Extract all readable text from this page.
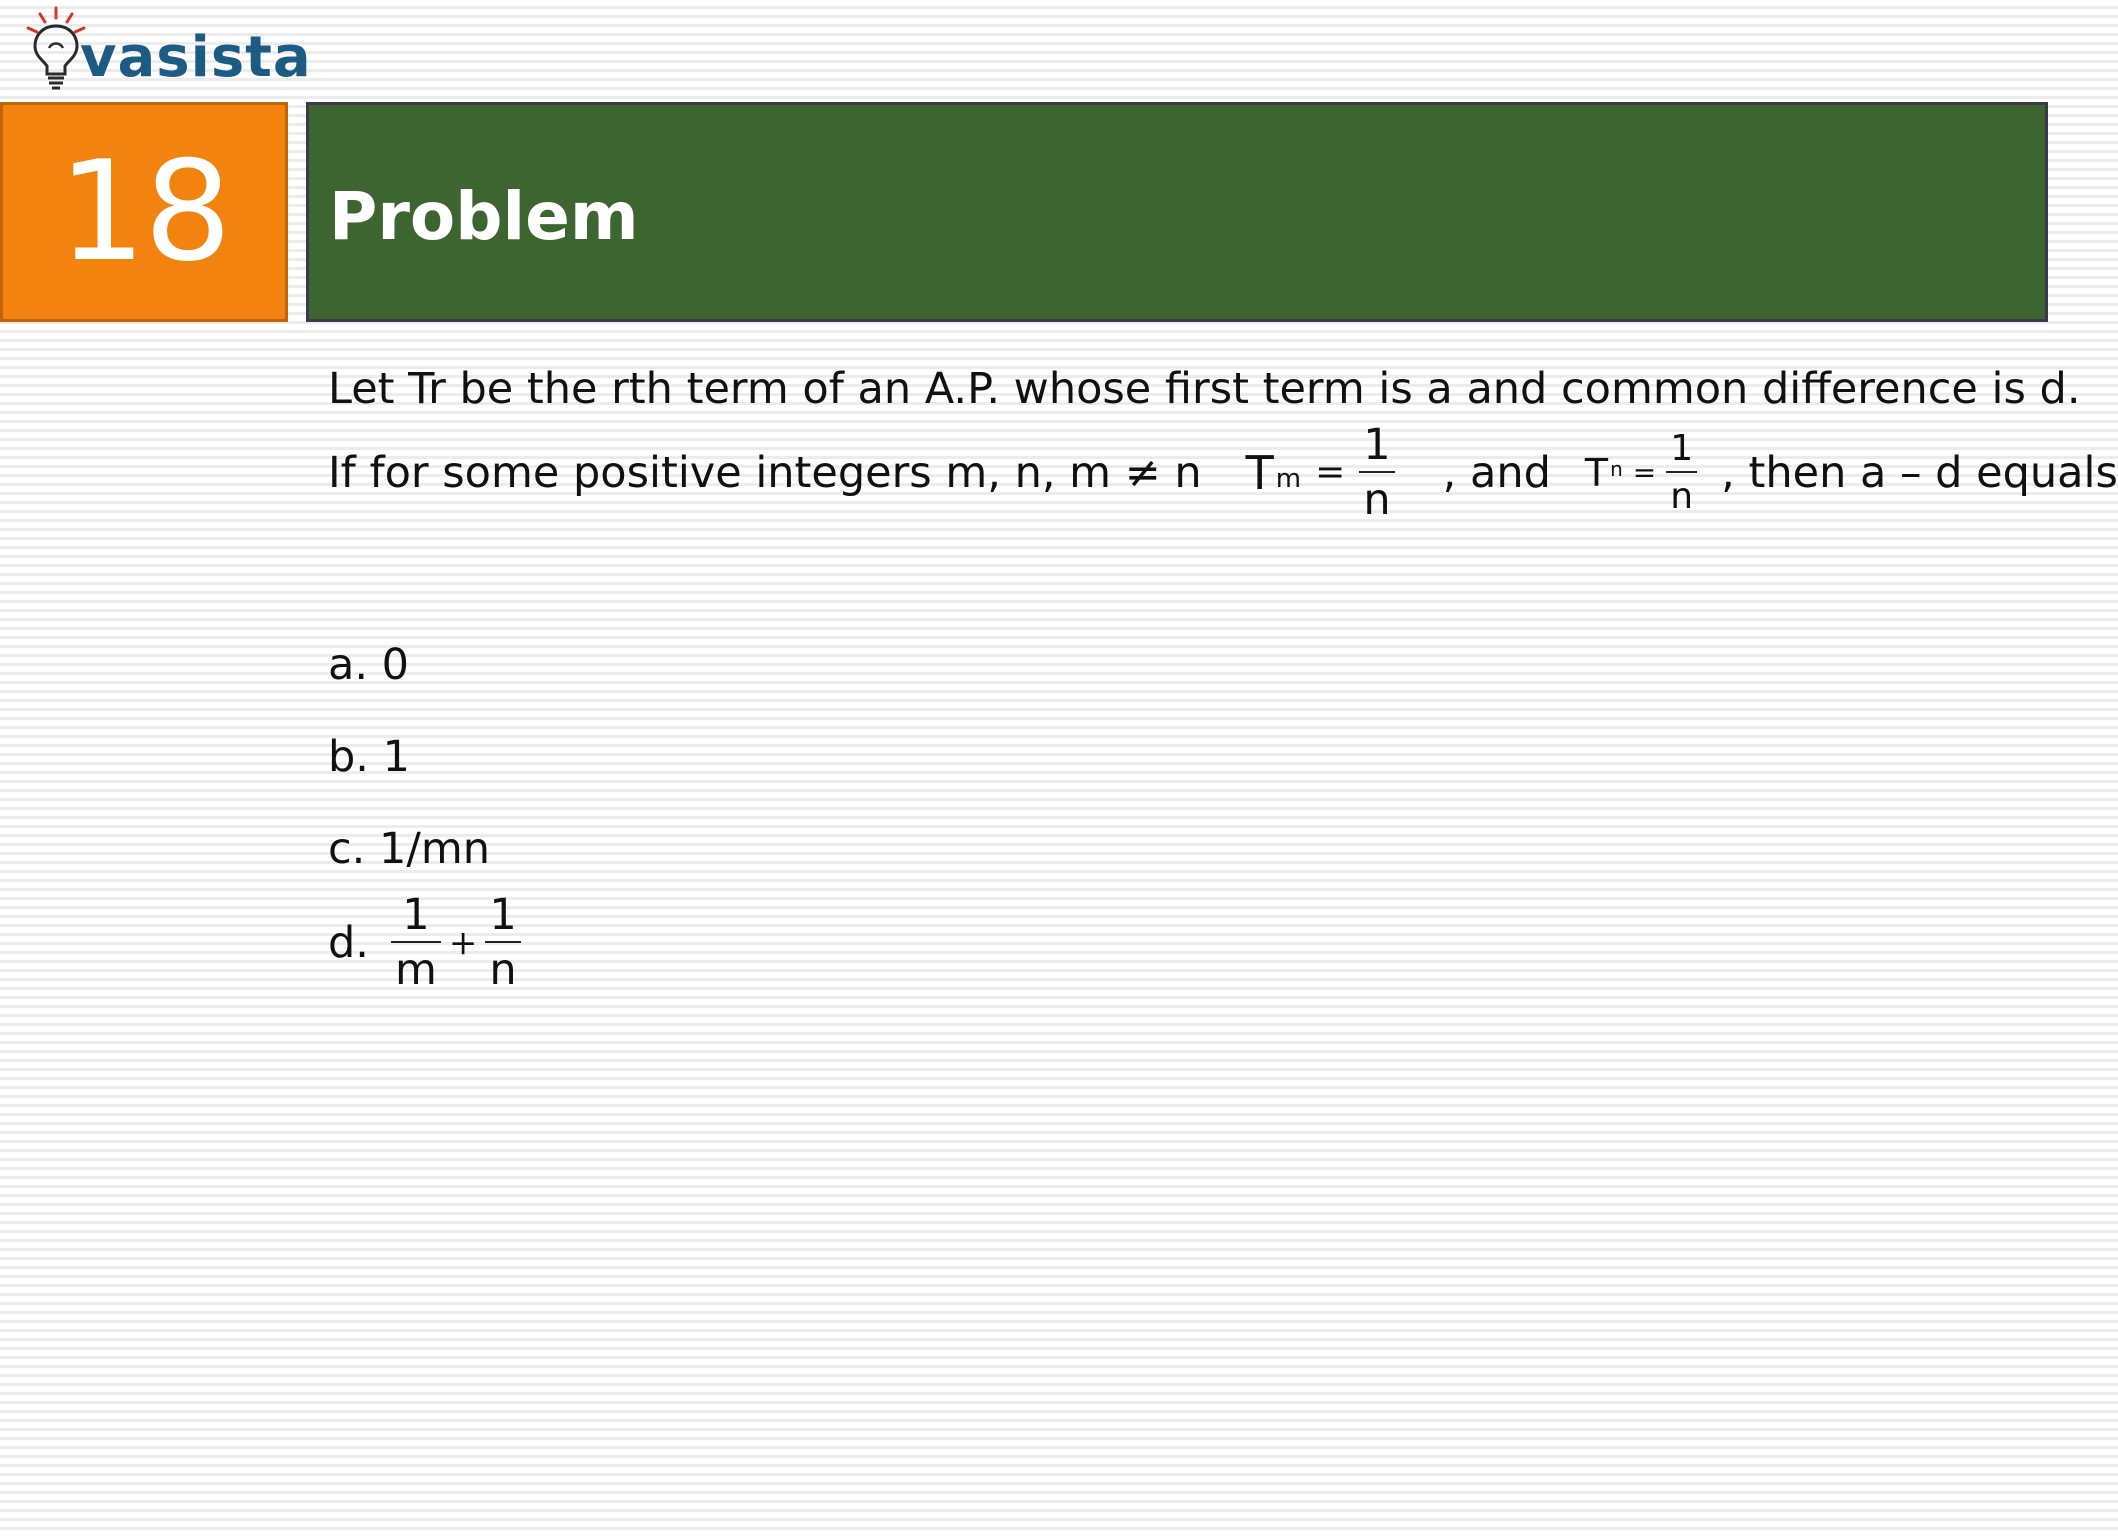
vasista
18 Problem
Let Tr be the rth term of an A.P. whose first term is a and common difference is d.
If for some positive integers m, n, m ≠ n T $m = \frac{1}{n}$ , and T $n = \frac{1}{n}$ , then a – d equals
a. 0
b. 1
c. 1/mn
d. $\frac{1}{m} + \frac{1}{n}$
